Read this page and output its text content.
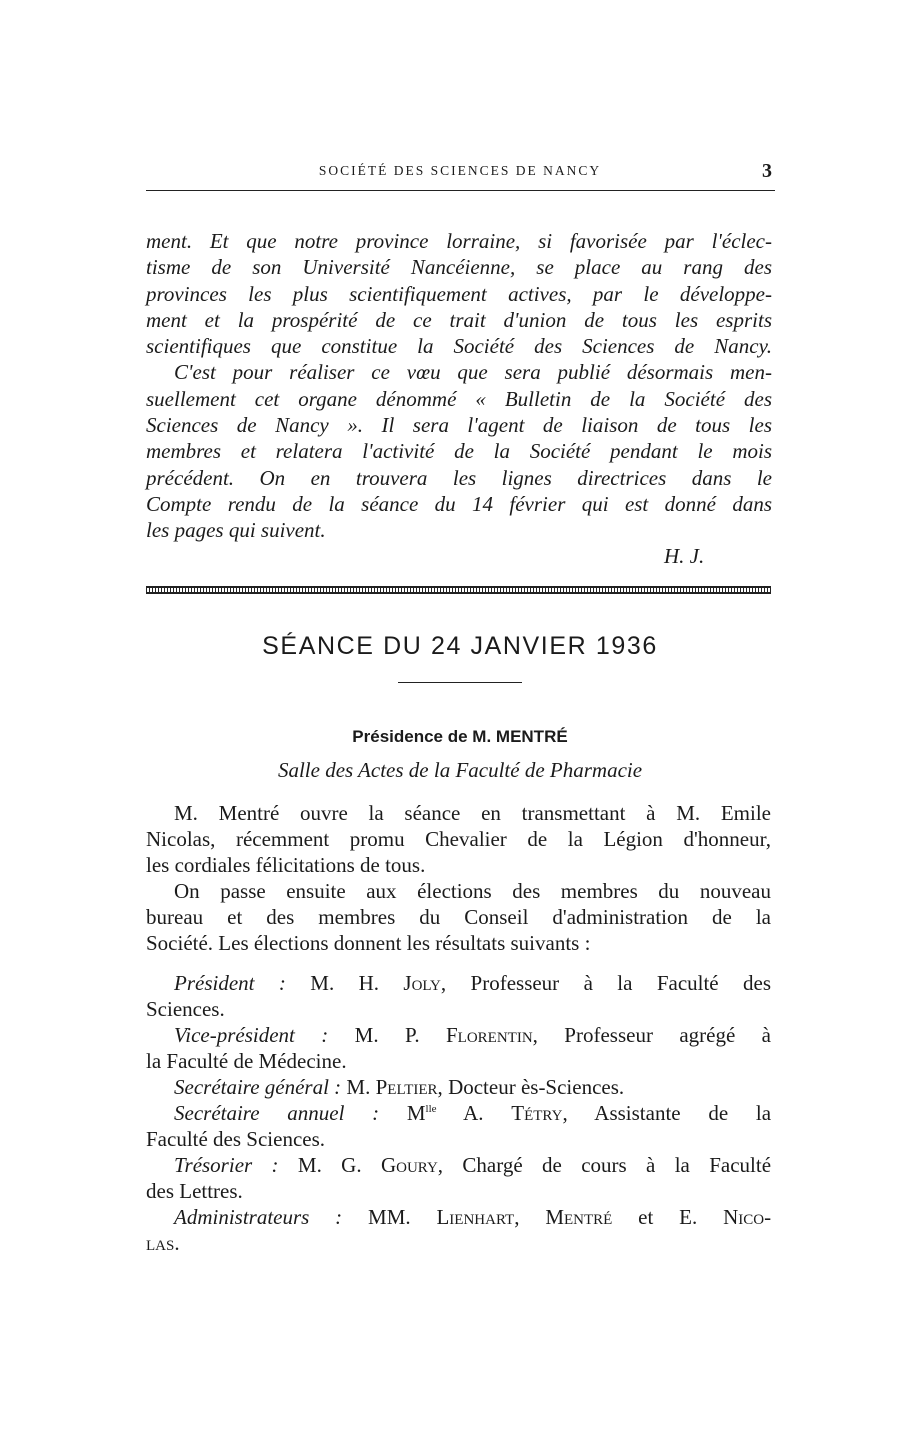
SOCIÉTÉ DES SCIENCES DE NANCY	3

ment. Et que notre province lorraine, si favorisée par l'éclec-

tisme de son Université Nancéienne, se place au rang des

provinces les plus scientifiquement actives, par le développe-

ment et la prospérité de ce trait d'union de tous les esprits

scientifiques que constitue la Société des Sciences de Nancy.

C'est pour réaliser ce vœu que sera publié désormais men-

suellement cet organe dénommé « Bulletin de la Société des

Sciences de Nancy ». Il sera l'agent de liaison de tous les

membres et relatera l'activité de la Société pendant le mois

précédent. On en trouvera les lignes directrices dans le

Compte rendu de la séance du 14 février qui est donné dans

les pages qui suivent.

H. J.
SÉANCE DU 24 JANVIER 1936
Présidence de M. MENTRÉ
Salle des Actes de la Faculté de Pharmacie

M. Mentré ouvre la séance en transmettant à M. Emile

Nicolas, récemment promu Chevalier de la Légion d'honneur,

les cordiales félicitations de tous.

On passe ensuite aux élections des membres du nouveau

bureau et des membres du Conseil d'administration de la

Société. Les élections donnent les résultats suivants :

Président : M. H. Joly, Professeur à la Faculté des

Sciences.

Vice-président : M. P. Florentin, Professeur agrégé à

la Faculté de Médecine.

Secrétaire général : M. Peltier, Docteur ès-Sciences.

Secrétaire annuel : $M^{lle}$ A. Tétry, Assistante de la

Faculté des Sciences.

Trésorier : M. G. Goury, Chargé de cours à la Faculté

des Lettres.

Administrateurs : MM. Lienhart, Mentré et E. Nico-

las.
